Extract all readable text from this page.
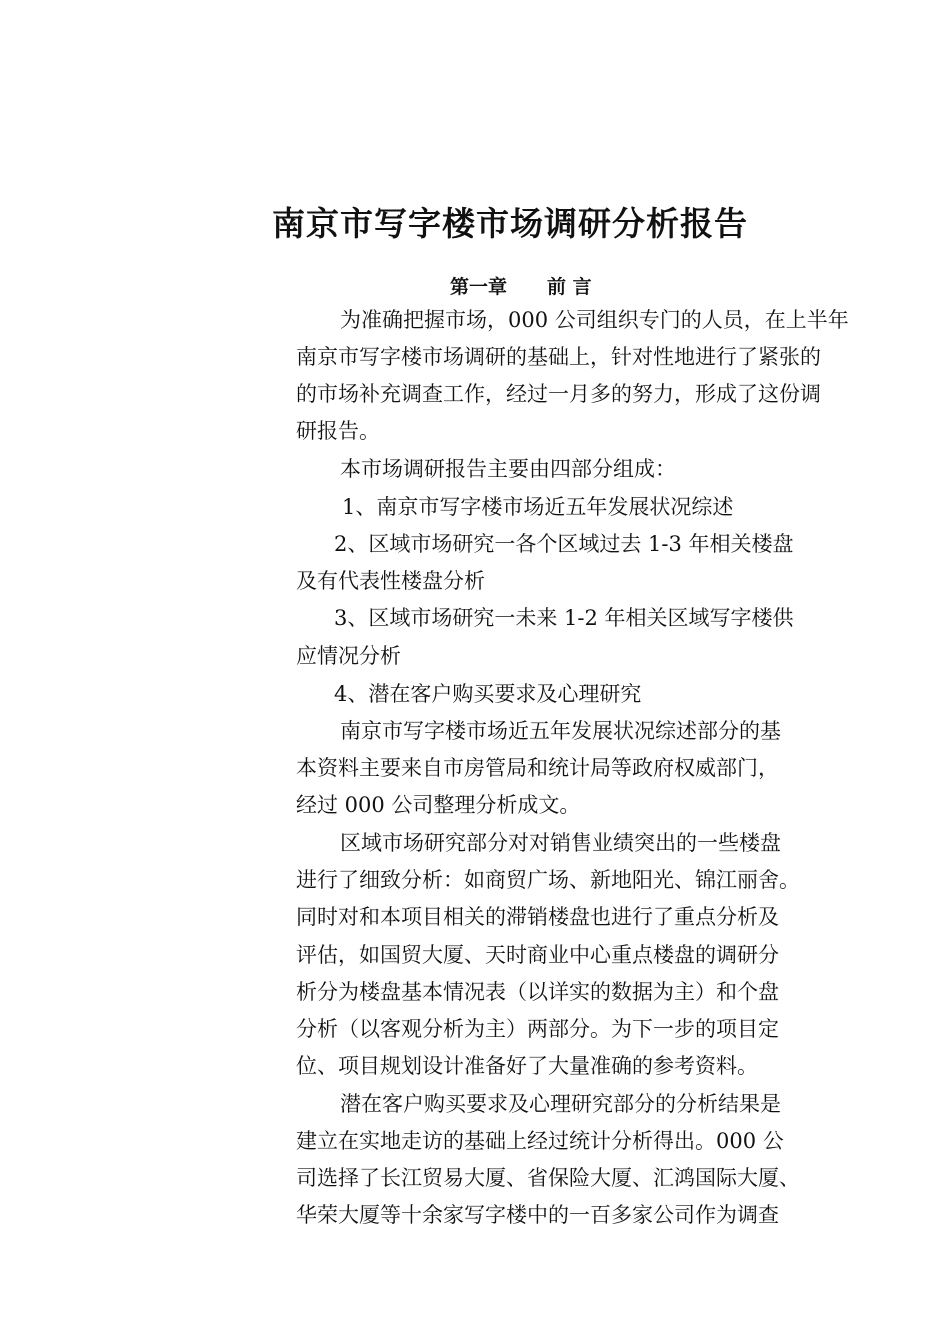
南京市写字楼市场调研分析报告
第一章 前 言
为准确把握市场，000 公司组织专门的人员，在上半年
南京市写字楼市场调研的基础上，针对性地进行了紧张的
的市场补充调查工作，经过一月多的努力，形成了这份调
研报告。
本市场调研报告主要由四部分组成：
1、南京市写字楼市场近五年发展状况综述
2、区域市场研究一各个区域过去 1-3 年相关楼盘
及有代表性楼盘分析
3、区域市场研究一未来 1-2 年相关区域写字楼供
应情况分析
4、潜在客户购买要求及心理研究
南京市写字楼市场近五年发展状况综述部分的基
本资料主要来自市房管局和统计局等政府权威部门，
经过 000 公司整理分析成文。
区域市场研究部分对对销售业绩突出的一些楼盘
进行了细致分析：如商贸广场、新地阳光、锦江丽舍。
同时对和本项目相关的滞销楼盘也进行了重点分析及
评估，如国贸大厦、天时商业中心重点楼盘的调研分
析分为楼盘基本情况表（以详实的数据为主）和个盘
分析（以客观分析为主）两部分。为下一步的项目定
位、项目规划设计准备好了大量准确的参考资料。
潜在客户购买要求及心理研究部分的分析结果是
建立在实地走访的基础上经过统计分析得出。000 公
司选择了长江贸易大厦、省保险大厦、汇鸿国际大厦、
华荣大厦等十余家写字楼中的一百多家公司作为调查
